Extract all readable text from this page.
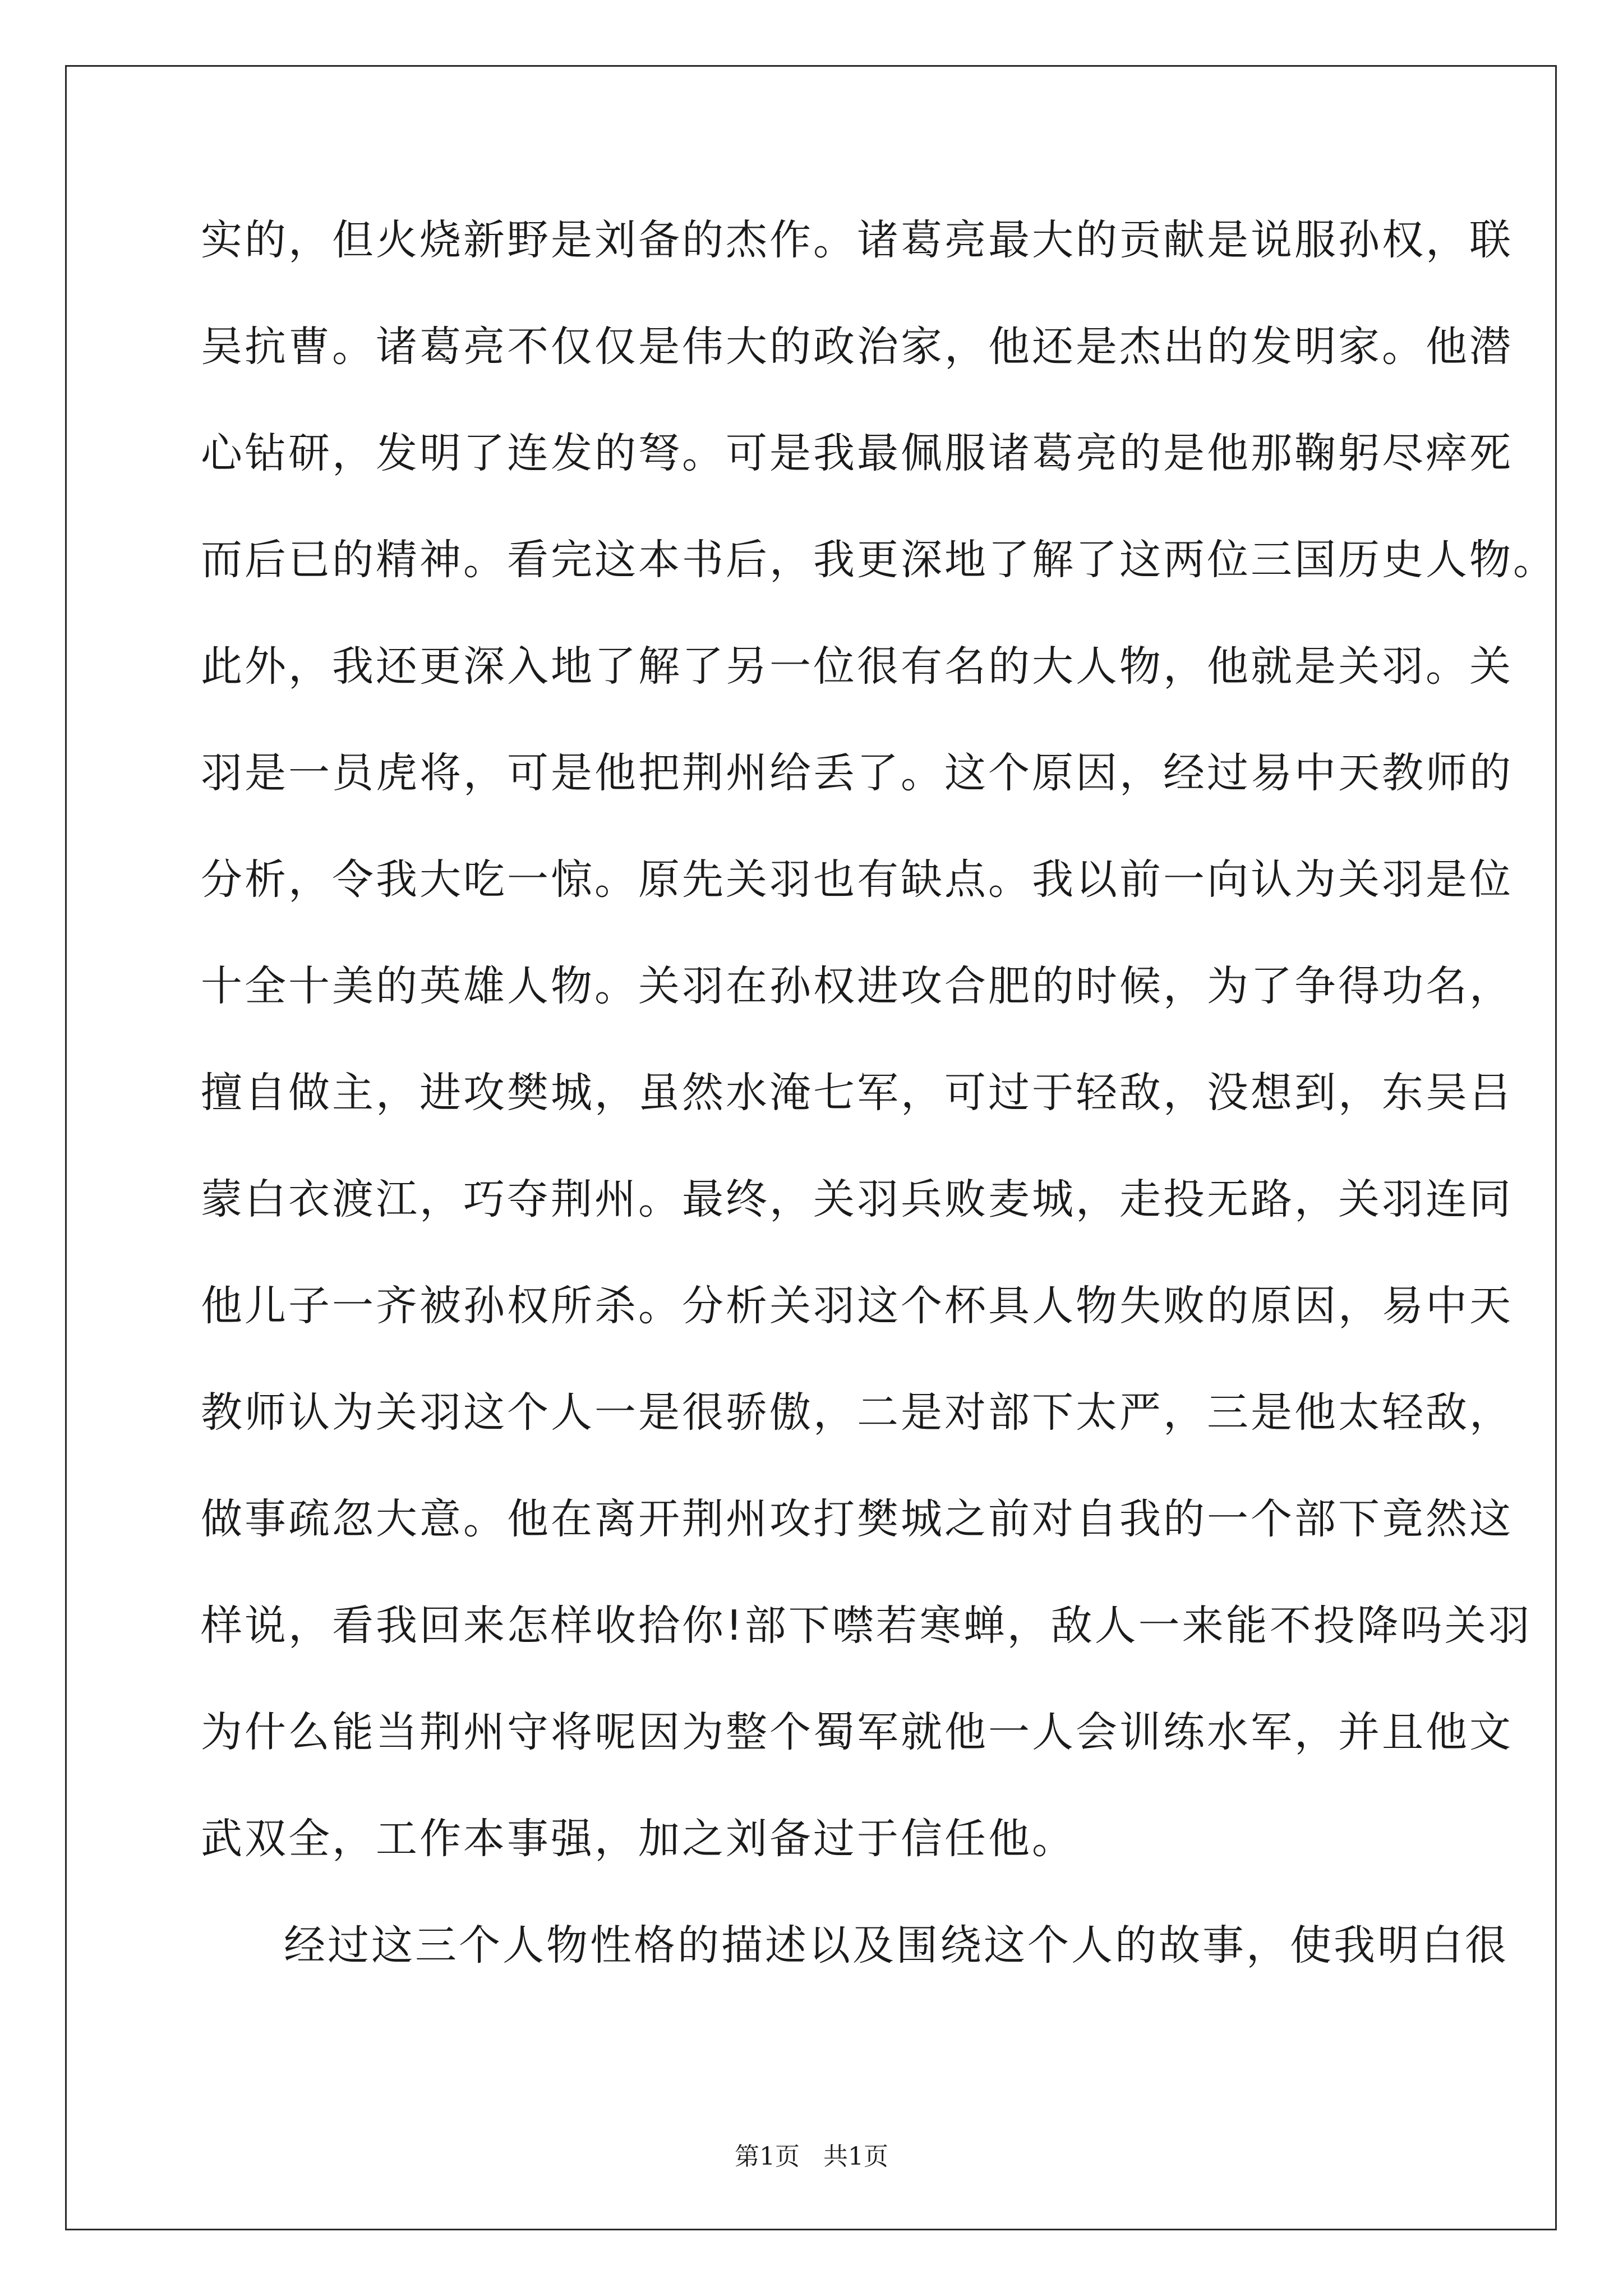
实的，但火烧新野是刘备的杰作。诸葛亮最大的贡献是说服孙权，联
吴抗曹。诸葛亮不仅仅是伟大的政治家，他还是杰出的发明家。他潜
心钻研，发明了连发的弩。可是我最佩服诸葛亮的是他那鞠躬尽瘁死
而后已的精神。看完这本书后，我更深地了解了这两位三国历史人物。
此外，我还更深入地了解了另一位很有名的大人物，他就是关羽。关
羽是一员虎将，可是他把荆州给丢了。这个原因，经过易中天教师的
分析，令我大吃一惊。原先关羽也有缺点。我以前一向认为关羽是位
十全十美的英雄人物。关羽在孙权进攻合肥的时候，为了争得功名，
擅自做主，进攻樊城，虽然水淹七军，可过于轻敌，没想到，东吴吕
蒙白衣渡江，巧夺荆州。最终，关羽兵败麦城，走投无路，关羽连同
他儿子一齐被孙权所杀。分析关羽这个杯具人物失败的原因，易中天
教师认为关羽这个人一是很骄傲，二是对部下太严，三是他太轻敌，
做事疏忽大意。他在离开荆州攻打樊城之前对自我的一个部下竟然这
样说，看我回来怎样收拾你!部下噤若寒蝉，敌人一来能不投降吗关羽
为什么能当荆州守将呢因为整个蜀军就他一人会训练水军，并且他文
武双全，工作本事强，加之刘备过于信任他。
经过这三个人物性格的描述以及围绕这个人的故事，使我明白很
第1页 共1页
